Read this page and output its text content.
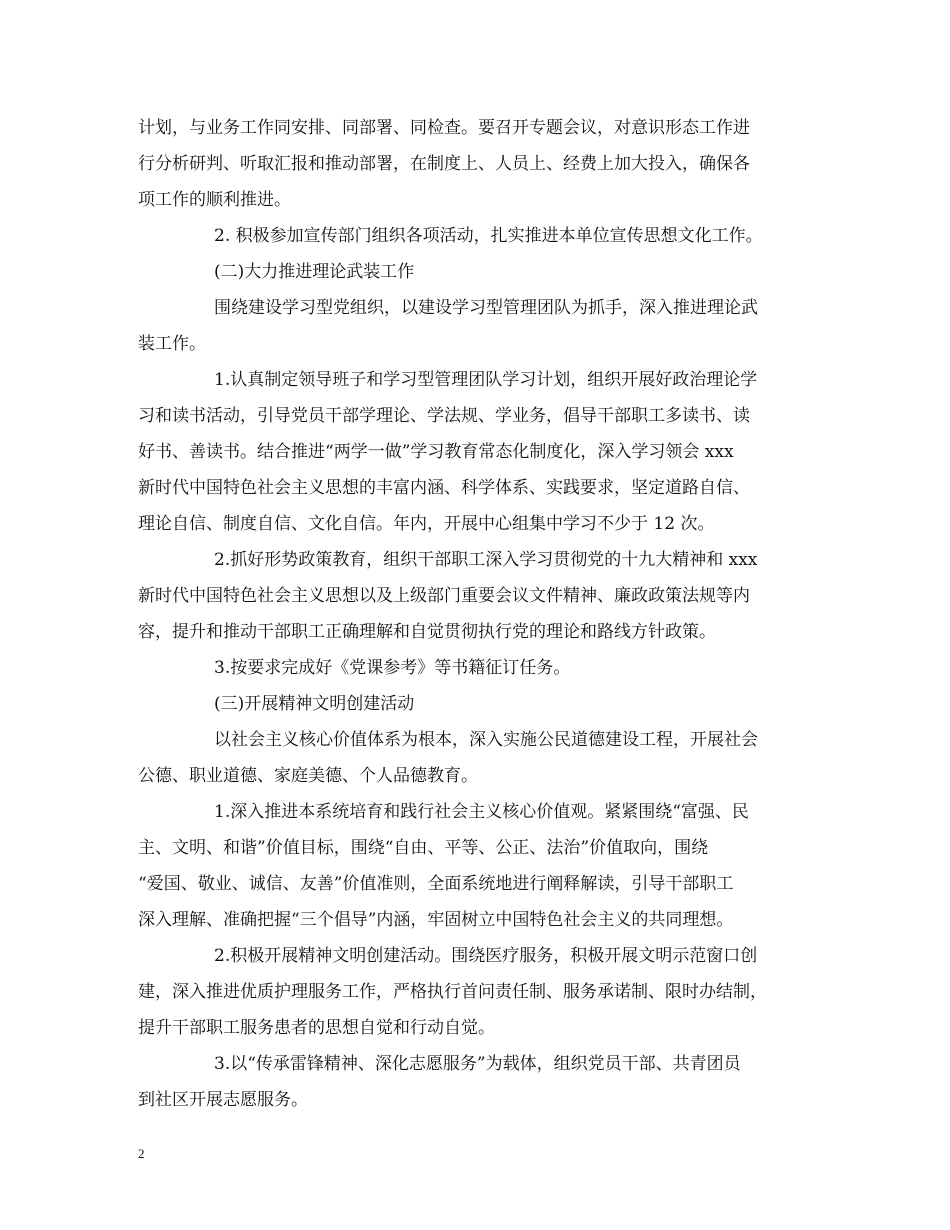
计划，与业务工作同安排、同部署、同检查。要召开专题会议，对意识形态工作进

行分析研判、听取汇报和推动部署，在制度上、人员上、经费上加大投入，确保各

项工作的顺利推进。

2. 积极参加宣传部门组织各项活动，扎实推进本单位宣传思想文化工作。

(二)大力推进理论武装工作

围绕建设学习型党组织，以建设学习型管理团队为抓手，深入推进理论武

装工作。

1.认真制定领导班子和学习型管理团队学习计划，组织开展好政治理论学

习和读书活动，引导党员干部学理论、学法规、学业务，倡导干部职工多读书、读

好书、善读书。结合推进“两学一做”学习教育常态化制度化，深入学习领会 xxx

新时代中国特色社会主义思想的丰富内涵、科学体系、实践要求，坚定道路自信、

理论自信、制度自信、文化自信。年内，开展中心组集中学习不少于 12 次。

2.抓好形势政策教育，组织干部职工深入学习贯彻党的十九大精神和 xxx

新时代中国特色社会主义思想以及上级部门重要会议文件精神、廉政政策法规等内

容，提升和推动干部职工正确理解和自觉贯彻执行党的理论和路线方针政策。

3.按要求完成好《党课参考》等书籍征订任务。

(三)开展精神文明创建活动

以社会主义核心价值体系为根本，深入实施公民道德建设工程，开展社会

公德、职业道德、家庭美德、个人品德教育。

1.深入推进本系统培育和践行社会主义核心价值观。紧紧围绕“富强、民

主、文明、和谐”价值目标，围绕“自由、平等、公正、法治”价值取向，围绕

“爱国、敬业、诚信、友善”价值准则，全面系统地进行阐释解读，引导干部职工

深入理解、准确把握“三个倡导”内涵，牢固树立中国特色社会主义的共同理想。

2.积极开展精神文明创建活动。围绕医疗服务，积极开展文明示范窗口创

建，深入推进优质护理服务工作，严格执行首问责任制、服务承诺制、限时办结制，

提升干部职工服务患者的思想自觉和行动自觉。

3.以“传承雷锋精神、深化志愿服务”为载体，组织党员干部、共青团员

到社区开展志愿服务。

2
